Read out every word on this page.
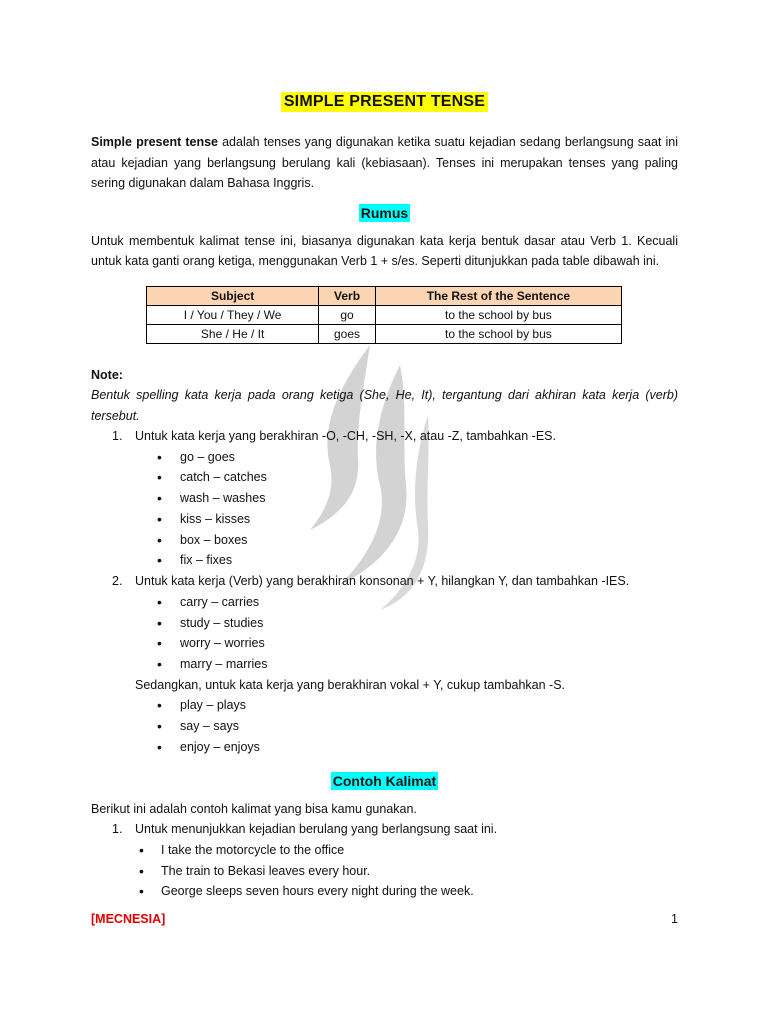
SIMPLE PRESENT TENSE

Simple present tense adalah tenses yang digunakan ketika suatu kejadian sedang berlangsung saat ini atau kejadian yang berlangsung berulang kali (kebiasaan). Tenses ini merupakan tenses yang paling sering digunakan dalam Bahasa Inggris.

Rumus

Untuk membentuk kalimat tense ini, biasanya digunakan kata kerja bentuk dasar atau Verb 1. Kecuali untuk kata ganti orang ketiga, menggunakan Verb 1 + s/es. Seperti ditunjukkan pada table dibawah ini.

Subject	Verb	The Rest of the Sentence
I / You / They / We	go	to the school by bus
She / He / It	goes	to the school by bus

Note:

Bentuk spelling kata kerja pada orang ketiga (She, He, It), tergantung dari akhiran kata kerja (verb) tersebut.

1. Untuk kata kerja yang berakhiran -O, -CH, -SH, -X, atau -Z, tambahkan -ES.
• go – goes
• catch – catches
• wash – washes
• kiss – kisses
• box – boxes
• fix – fixes
2. Untuk kata kerja (Verb) yang berakhiran konsonan + Y, hilangkan Y, dan tambahkan -IES.
• carry – carries
• study – studies
• worry – worries
• marry – marries

Sedangkan, untuk kata kerja yang berakhiran vokal + Y, cukup tambahkan -S.

• play – plays
• say – says
• enjoy – enjoys
Contoh Kalimat

Berikut ini adalah contoh kalimat yang bisa kamu gunakan.

1. Untuk menunjukkan kejadian berulang yang berlangsung saat ini.
• I take the motorcycle to the office
• The train to Bekasi leaves every hour.
• George sleeps seven hours every night during the week.
[MECNESIA]	1
